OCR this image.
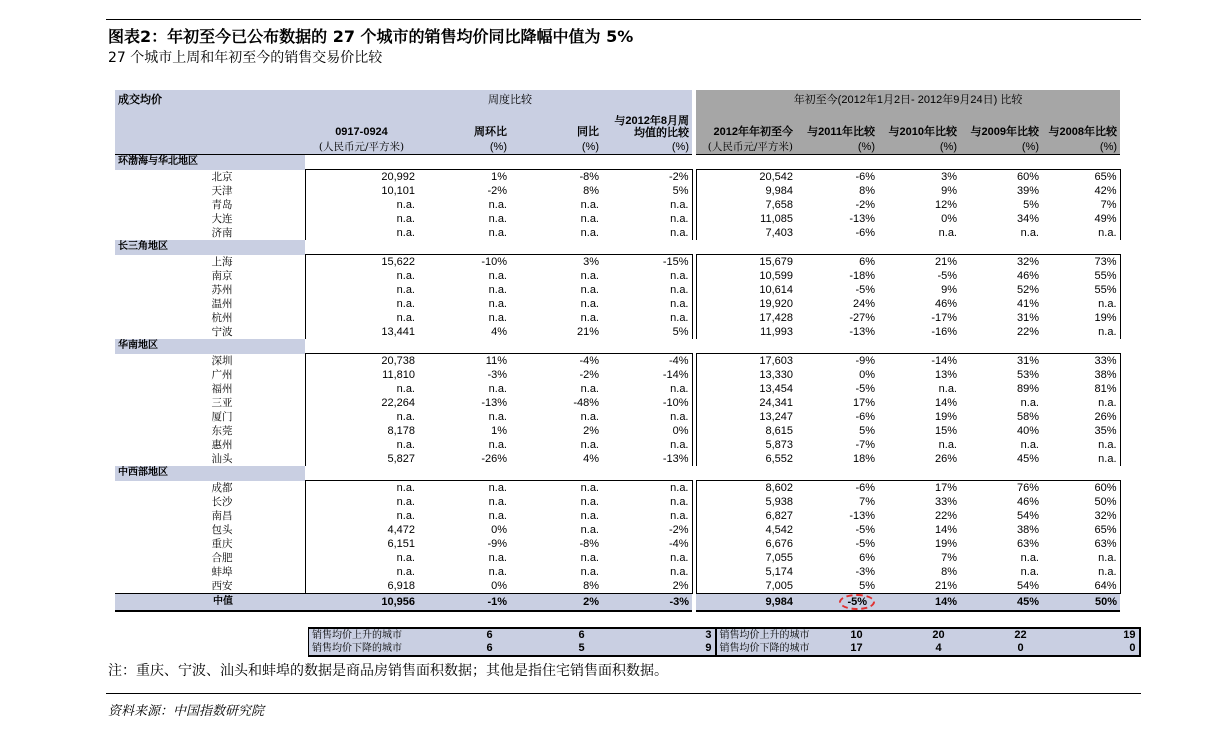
图表2：年初至今已公布数据的 27 个城市的销售均价同比降幅中值为 5%
27 个城市上周和年初至今的销售交易价比较
成交均价		周度比较				年初至今(2012年1月2日- 2012年9月24日) 比较				
	0917-0924	周环比	同比	与2012年8月周均值的比较		2012年年初至今	与2011年比较	与2010年比较	与2009年比较	与2008年比较
	(人民币元/平方米)	(%)	(%)	(%)		(人民币元/平方米)	(%)	(%)	(%)	(%)
环渤海与华北地区										
北京	20,992	1%	-8%	-2%		20,542	-6%	3%	60%	65%
天津	10,101	-2%	8%	5%		9,984	8%	9%	39%	42%
青岛	n.a.	n.a.	n.a.	n.a.		7,658	-2%	12%	5%	7%
大连	n.a.	n.a.	n.a.	n.a.		11,085	-13%	0%	34%	49%
济南	n.a.	n.a.	n.a.	n.a.		7,403	-6%	n.a.	n.a.	n.a.
长三角地区										
上海	15,622	-10%	3%	-15%		15,679	6%	21%	32%	73%
南京	n.a.	n.a.	n.a.	n.a.		10,599	-18%	-5%	46%	55%
苏州	n.a.	n.a.	n.a.	n.a.		10,614	-5%	9%	52%	55%
温州	n.a.	n.a.	n.a.	n.a.		19,920	24%	46%	41%	n.a.
杭州	n.a.	n.a.	n.a.	n.a.		17,428	-27%	-17%	31%	19%
宁波	13,441	4%	21%	5%		11,993	-13%	-16%	22%	n.a.
华南地区										
深圳	20,738	11%	-4%	-4%		17,603	-9%	-14%	31%	33%
广州	11,810	-3%	-2%	-14%		13,330	0%	13%	53%	38%
福州	n.a.	n.a.	n.a.	n.a.		13,454	-5%	n.a.	89%	81%
三亚	22,264	-13%	-48%	-10%		24,341	17%	14%	n.a.	n.a.
厦门	n.a.	n.a.	n.a.	n.a.		13,247	-6%	19%	58%	26%
东莞	8,178	1%	2%	0%		8,615	5%	15%	40%	35%
惠州	n.a.	n.a.	n.a.	n.a.		5,873	-7%	n.a.	n.a.	n.a.
汕头	5,827	-26%	4%	-13%		6,552	18%	26%	45%	n.a.
中西部地区										
成都	n.a.	n.a.	n.a.	n.a.		8,602	-6%	17%	76%	60%
长沙	n.a.	n.a.	n.a.	n.a.		5,938	7%	33%	46%	50%
南昌	n.a.	n.a.	n.a.	n.a.		6,827	-13%	22%	54%	32%
包头	4,472	0%	n.a.	-2%		4,542	-5%	14%	38%	65%
重庆	6,151	-9%	-8%	-4%		6,676	-5%	19%	63%	63%
合肥	n.a.	n.a.	n.a.	n.a.		7,055	6%	7%	n.a.	n.a.
蚌埠	n.a.	n.a.	n.a.	n.a.		5,174	-3%	8%	n.a.	n.a.
西安	6,918	0%	8%	2%		7,005	5%	21%	54%	64%
中值	10,956	-1%	2%	-3%		9,984	-5%	14%	45%	50%
销售均价上升的城市	6	6	3	销售均价上升的城市	10	20	22	19
销售均价下降的城市	6	5	9	销售均价下降的城市	17	4	0	0
注：重庆、宁波、汕头和蚌埠的数据是商品房销售面积数据；其他是指住宅销售面积数据。
资料来源：中国指数研究院
